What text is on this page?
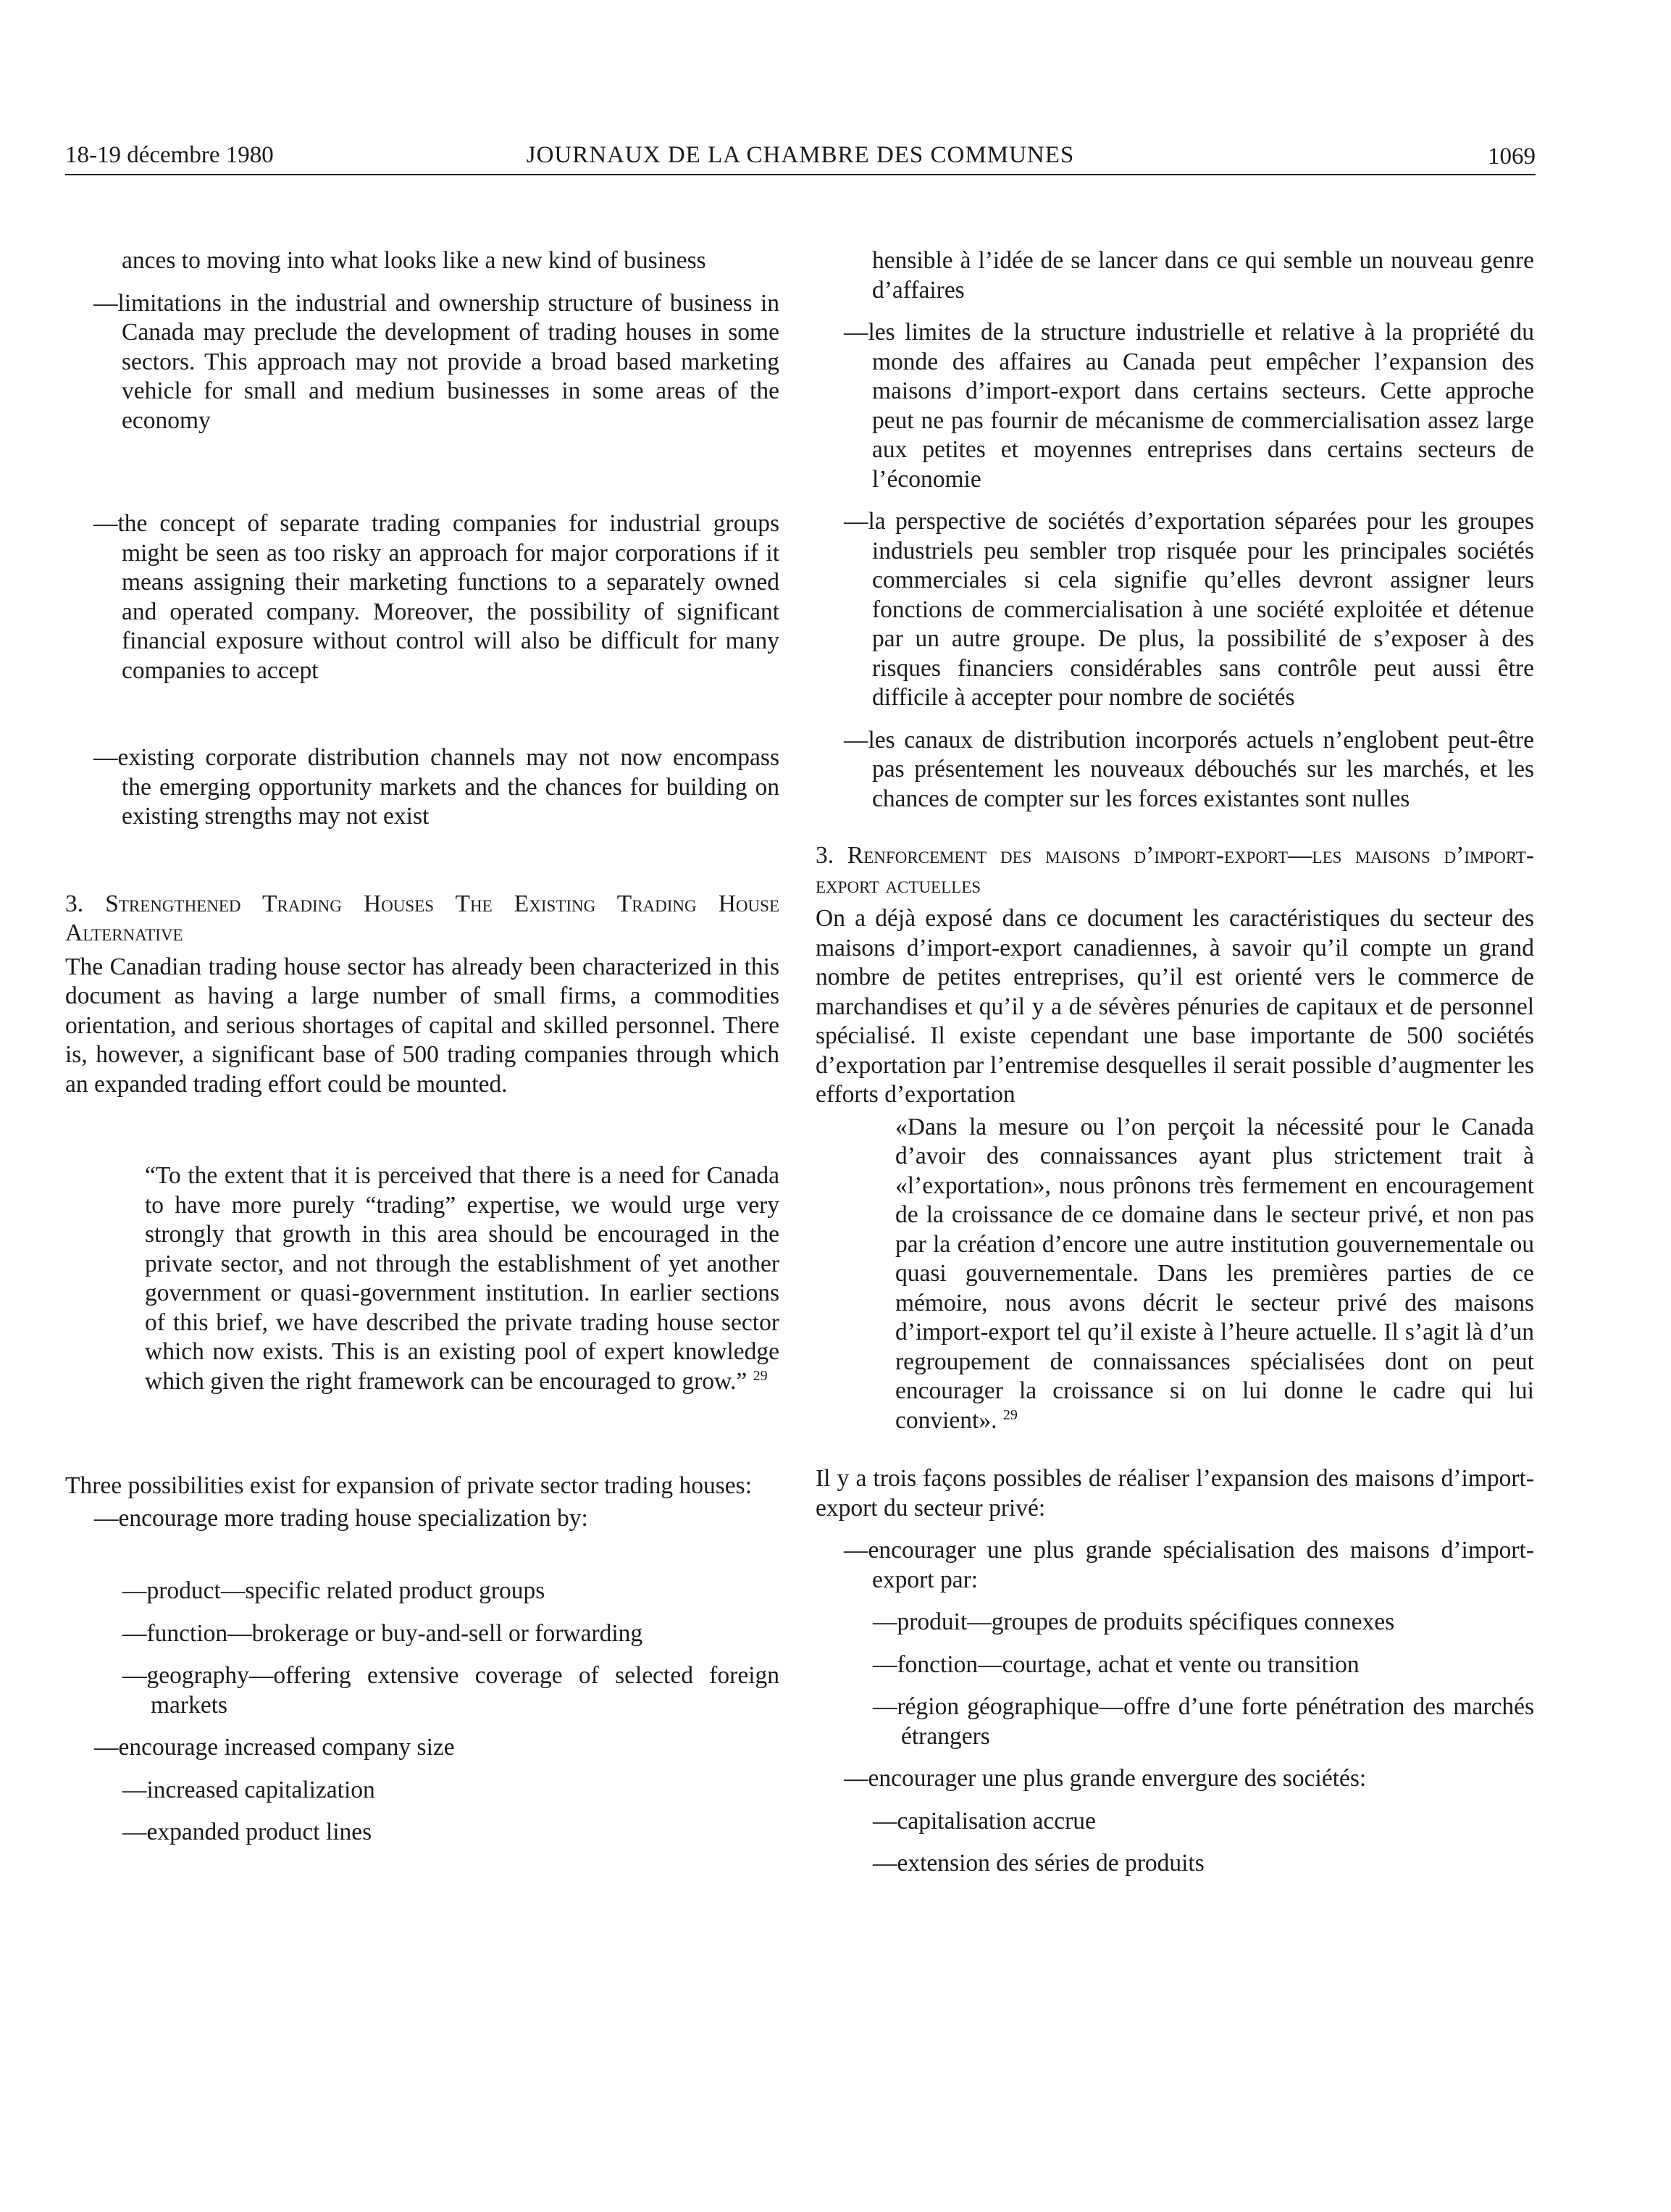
18-19 décembre 1980	JOURNAUX DE LA CHAMBRE DES COMMUNES	1069

ances to moving into what looks like a new kind of business

—limitations in the industrial and ownership structure of business in Canada may preclude the development of trading houses in some sectors. This approach may not provide a broad based marketing vehicle for small and medium businesses in some areas of the economy

—the concept of separate trading companies for industrial groups might be seen as too risky an approach for major corporations if it means assigning their marketing functions to a separately owned and operated company. Moreover, the possibility of significant financial exposure without control will also be difficult for many companies to accept

—existing corporate distribution channels may not now encompass the emerging opportunity markets and the chances for building on existing strengths may not exist

3. Strengthened Trading Houses The Existing Trading House Alternative

The Canadian trading house sector has already been characterized in this document as having a large number of small firms, a commodities orientation, and serious shortages of capital and skilled personnel. There is, however, a significant base of 500 trading companies through which an expanded trading effort could be mounted.

“To the extent that it is perceived that there is a need for Canada to have more purely “trading” expertise, we would urge very strongly that growth in this area should be encouraged in the private sector, and not through the establishment of yet another government or quasi-government institution. In earlier sections of this brief, we have described the private trading house sector which now exists. This is an existing pool of expert knowledge which given the right framework can be encouraged to grow.” $^{29}$

Three possibilities exist for expansion of private sector trading houses:

—encourage more trading house specialization by:

—product—specific related product groups

—function—brokerage or buy-and-sell or forwarding

—geography—offering extensive coverage of selected foreign markets

—encourage increased company size

—increased capitalization

—expanded product lines

hensible à l’idée de se lancer dans ce qui semble un nouveau genre d’affaires

—les limites de la structure industrielle et relative à la propriété du monde des affaires au Canada peut empêcher l’expansion des maisons d’import-export dans certains secteurs. Cette approche peut ne pas fournir de mécanisme de commercialisation assez large aux petites et moyennes entreprises dans certains secteurs de l’économie

—la perspective de sociétés d’exportation séparées pour les groupes industriels peu sembler trop risquée pour les principales sociétés commerciales si cela signifie qu’elles devront assigner leurs fonctions de commercialisation à une société exploitée et détenue par un autre groupe. De plus, la possibilité de s’exposer à des risques financiers considérables sans contrôle peut aussi être difficile à accepter pour nombre de sociétés

—les canaux de distribution incorporés actuels n’englobent peut-être pas présentement les nouveaux débouchés sur les marchés, et les chances de compter sur les forces existantes sont nulles

3. Renforcement des maisons d’import-export—les maisons d’import-export actuelles

On a déjà exposé dans ce document les caractéristiques du secteur des maisons d’import-export canadiennes, à savoir qu’il compte un grand nombre de petites entreprises, qu’il est orienté vers le commerce de marchandises et qu’il y a de sévères pénuries de capitaux et de personnel spécialisé. Il existe cependant une base importante de 500 sociétés d’exportation par l’entremise desquelles il serait possible d’augmenter les efforts d’exportation

«Dans la mesure ou l’on perçoit la nécessité pour le Canada d’avoir des connaissances ayant plus strictement trait à «l’exportation», nous prônons très fermement en encouragement de la croissance de ce domaine dans le secteur privé, et non pas par la création d’encore une autre institution gouvernementale ou quasi gouvernementale. Dans les premières parties de ce mémoire, nous avons décrit le secteur privé des maisons d’import-export tel qu’il existe à l’heure actuelle. Il s’agit là d’un regroupement de connaissances spécialisées dont on peut encourager la croissance si on lui donne le cadre qui lui convient». $^{29}$

Il y a trois façons possibles de réaliser l’expansion des maisons d’import-export du secteur privé:

—encourager une plus grande spécialisation des maisons d’import-export par:

—produit—groupes de produits spécifiques connexes

—fonction—courtage, achat et vente ou transition

—région géographique—offre d’une forte pénétration des marchés étrangers

—encourager une plus grande envergure des sociétés:

—capitalisation accrue

—extension des séries de produits
